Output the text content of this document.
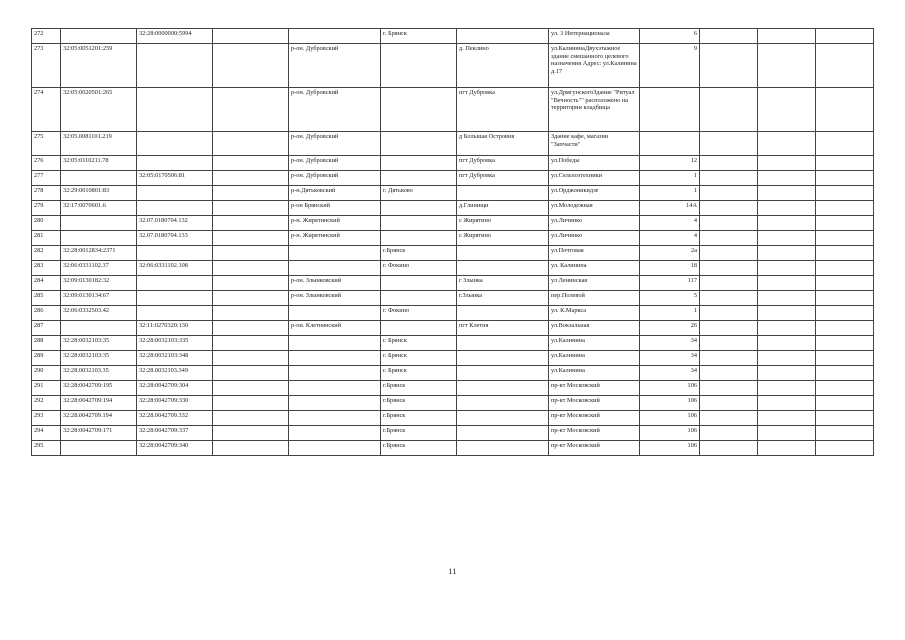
272		32:28:0000000:5994			г. Брянск		ул. 3 Интернационала	6			
273	32:05:0051201:259			р-он. Дубровский		д. Пеклино	ул.КалининаДвухэтажное здание смешанного целевого назначения Адрес: ул.Калинина д.17	9			
274	32:05:0020501:265			р-он. Дубровский		пгт Дубровка	ул.ДрмгунскогоЗдание "Ритуал "Вечность"" расположено на территории кладбища				
275	32:05.0081101.219			р-он. Дубровский		д Большая Островня	Здание кафе, магазин "Запчасти"				
276	32:05:0110211.78			р-он. Дубровский		пгт Дубровка	ул.Победы	12			
277		32:05:0170506:81		р-он. Дубровский		пгт Дубровка	ул.Сельхозтехники	1			
278	32:29:0010801:83			р-н.Дятьковский	г. Дятьково		ул.Орджоникидзе	1			
279	32:17:0070601.6			р-он Брянский		д.Глинищи	ул.Молодежная	14А			
280		32.07.0180704.132		р-н. Жирятинский		с Жирятино	ул.Личинко	4			
281		32.07.0180704.133		р-н. Жирятинский		с Жирятино	ул.Личинко	4			
282	32:28:0012834:2371				г.Брянск		ул.Почтовая	2а			
283	32:06:0331102.37	32:06:0331102.108			г. Фокино		ул. Калинина	18			
284	32:09:0130182:32			р-он. Злынковский		г Злынка	ул Ленинская	117			
285	32:09:0130134:67			р-он. Злынковский		г.Злынка	пер.Полевой	5			
286	32:06:0332503.42				г. Фокино		ул. К.Маркса	1			
287		32:11:0270320:130		р-он. Клетнянский		пгт Клетня	ул.Вокзальная	26			
288	32:28:0032103:35	32:28:0032103:335			г. Брянск		ул.Калинина	34			
289	32:28:0032103:35	32:28:0032103:348			г. Брянск		ул.Калинина	34			
290	32:28.0032103.35	32:28.0032103.349			г. Брянск		ул.Калинина	34			
291	32:28:0042709:195	32:28:0042709:304			г.Брянск		пр-кт Московский	106			
292	32:28:0042709:194	32:28:0042709:330			г.Брянск		пр-кт Московский	106			
293	32:28.0042709.194	32:28.0042709.332			г.Брянск		пр-кт Московский	106			
294	32:28:0042709:171	32:28:0042709:337			г.Брянск		пр-кт Московский	106			
295		32:28:0042709:340			г.Брянск		пр-кт Московский	106			
11
